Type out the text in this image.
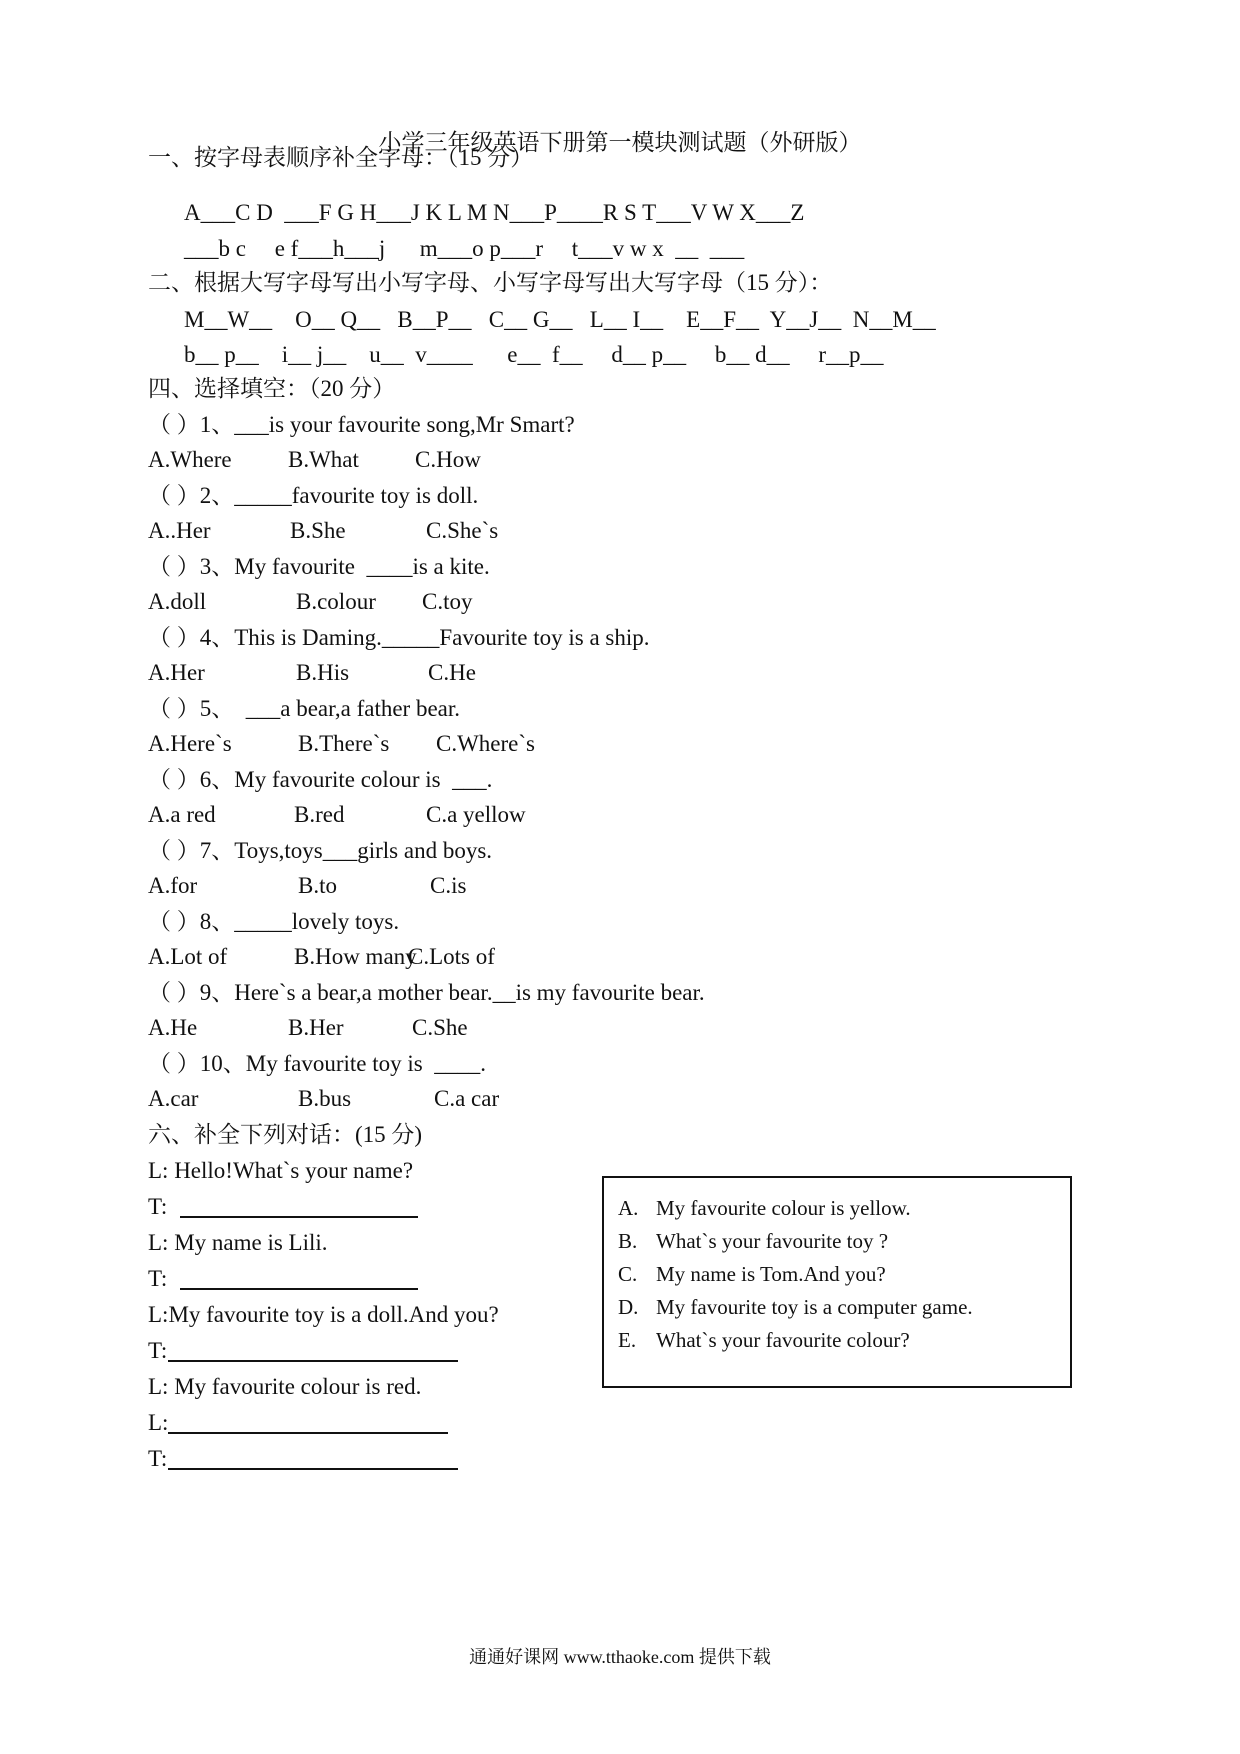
小学三年级英语下册第一模块测试题（外研版）
一、按字母表顺序补全字母：（15 分）
A___C D  ___F G H___J K L M N___P____R S T___V W X___Z
___b c     e f___h___j      m___o p___r     t___v w x  __  ___
二、根据大写字母写出小写字母、小写字母写出大写字母（15 分）：
M__W__    O__ Q__   B__P__   C__ G__   L__ I__    E__F__  Y__J__  N__M__
b__ p__    i__ j__    u__  v____      e__  f__     d__ p__     b__ d__     r__p__
四、选择填空：（20 分）
（ ）1、___is your favourite song,Mr Smart?
A.Where B.What C.How
（ ）2、_____favourite toy is doll.
A..Her	B.She	C.She`s
（ ）3、My favourite  ____is a kite.
A.doll	B.colour C.toy
（ ）4、This is Daming._____Favourite toy is a ship.
A.Her	B.His	C.He
（ ）5、  ___a bear,a father bear.
A.Here`s	B.There`s C.Where`s
（ ）6、My favourite colour is  ___.
A.a red	B.red	C.a yellow
（ ）7、Toys,toys___girls and boys.
A.for	B.to	C.is
（ ）8、_____lovely toys.
A.Lot of	B.How many
C.Lots of
（ ）9、Here`s a bear,a mother bear.__is my favourite bear.
A.He	B.Her	C.She
（ ）10、My favourite toy is  ____.
A.car	B.bus	C.a car
六、补全下列对话：(15 分)
L: Hello!What`s your name?
T:
L: My name is Lili.
T:
L:My favourite toy is a doll.And you?
T:
L: My favourite colour is red.
L:
T:
A. My favourite colour is yellow.
B. What`s your favourite toy ?
C. My name is Tom.And you?
D. My favourite toy is a computer game.
E. What`s your favourite colour?
通通好课网 www.tthaoke.com 提供下载
